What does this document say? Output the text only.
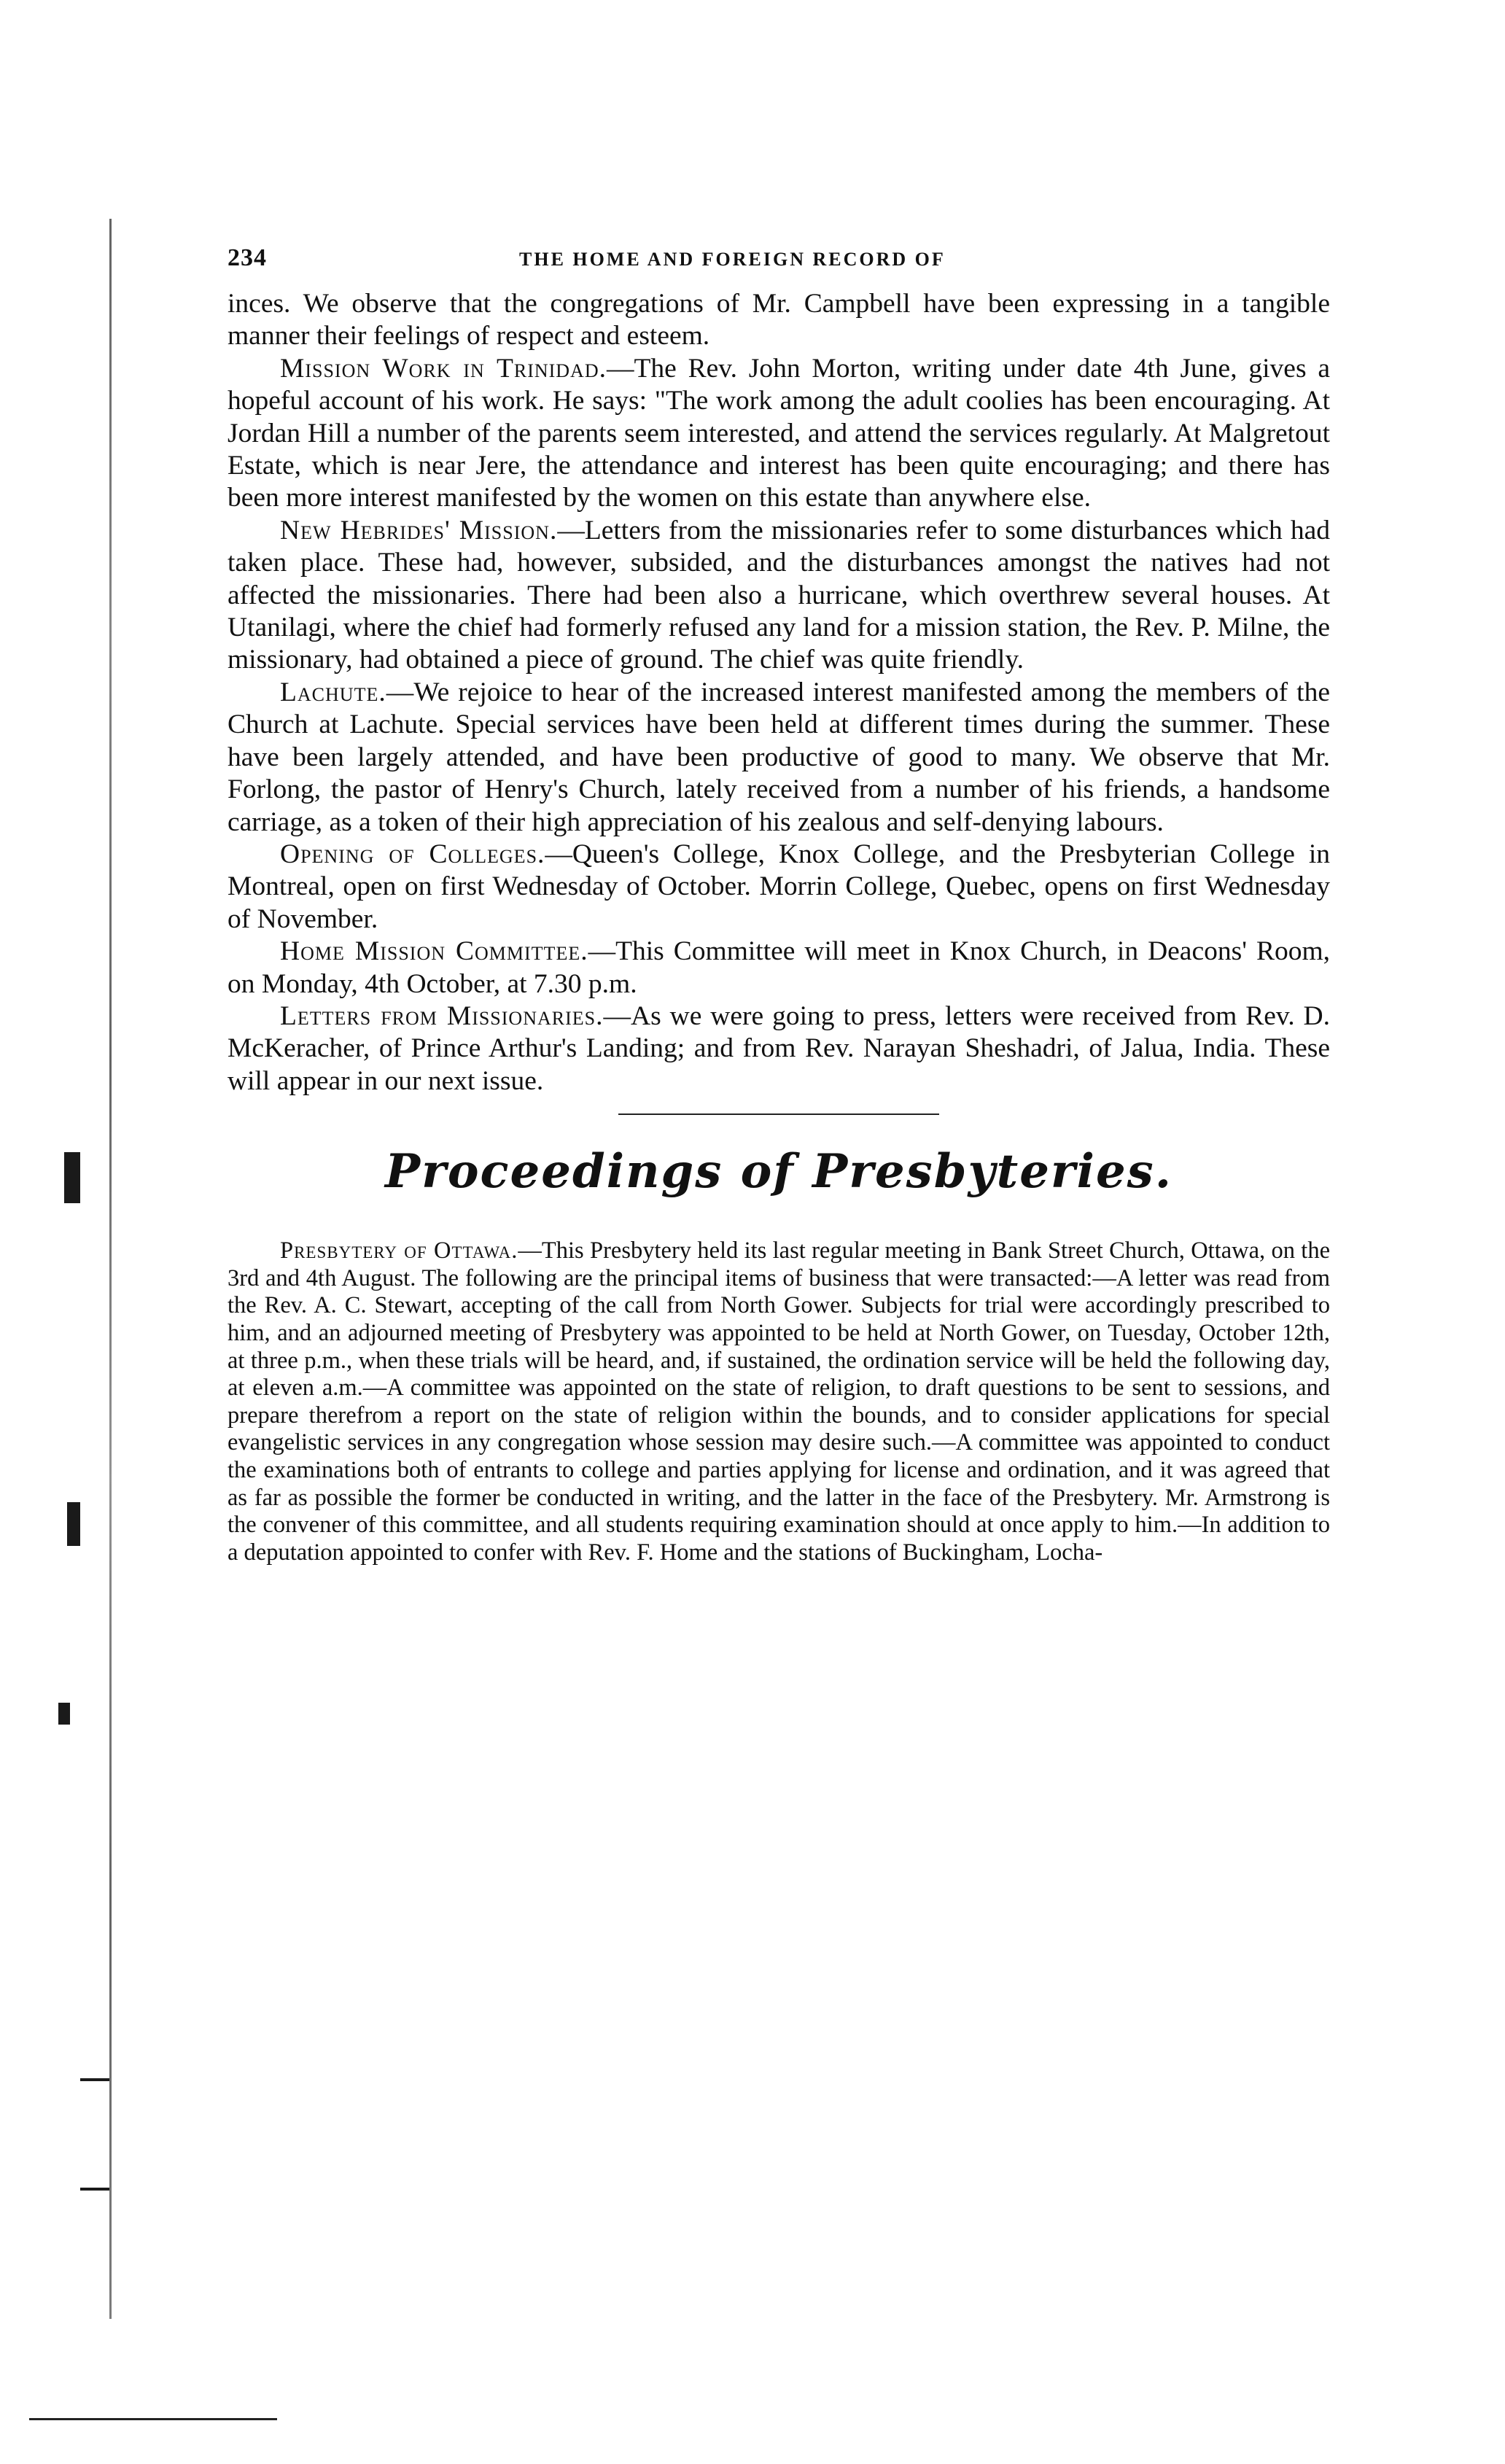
234	THE HOME AND FOREIGN RECORD OF

inces. We observe that the congregations of Mr. Campbell have been expressing in a tangible manner their feelings of respect and esteem.

Mission Work in Trinidad.—The Rev. John Morton, writing under date 4th June, gives a hopeful account of his work. He says: "The work among the adult coolies has been encouraging. At Jordan Hill a number of the parents seem interested, and attend the services regularly. At Malgretout Estate, which is near Jere, the attendance and interest has been quite encouraging; and there has been more interest manifested by the women on this estate than anywhere else.

New Hebrides' Mission.—Letters from the missionaries refer to some disturbances which had taken place. These had, however, subsided, and the disturbances amongst the natives had not affected the missionaries. There had been also a hurricane, which overthrew several houses. At Utanilagi, where the chief had formerly refused any land for a mission station, the Rev. P. Milne, the missionary, had obtained a piece of ground. The chief was quite friendly.

Lachute.—We rejoice to hear of the increased interest manifested among the members of the Church at Lachute. Special services have been held at different times during the summer. These have been largely attended, and have been productive of good to many. We observe that Mr. Forlong, the pastor of Henry's Church, lately received from a number of his friends, a handsome carriage, as a token of their high appreciation of his zealous and self-denying labours.

Opening of Colleges.—Queen's College, Knox College, and the Presbyterian College in Montreal, open on first Wednesday of October. Morrin College, Quebec, opens on first Wednesday of November.

Home Mission Committee.—This Committee will meet in Knox Church, in Deacons' Room, on Monday, 4th October, at 7.30 p.m.

Letters from Missionaries.—As we were going to press, letters were received from Rev. D. McKeracher, of Prince Arthur's Landing; and from Rev. Narayan Sheshadri, of Jalua, India. These will appear in our next issue.

Proceedings of Presbyteries.

Presbytery of Ottawa.—This Presbytery held its last regular meeting in Bank Street Church, Ottawa, on the 3rd and 4th August. The following are the principal items of business that were transacted:—A letter was read from the Rev. A. C. Stewart, accepting of the call from North Gower. Subjects for trial were accordingly prescribed to him, and an adjourned meeting of Presbytery was appointed to be held at North Gower, on Tuesday, October 12th, at three p.m., when these trials will be heard, and, if sustained, the ordination service will be held the following day, at eleven a.m.—A committee was appointed on the state of religion, to draft questions to be sent to sessions, and prepare therefrom a report on the state of religion within the bounds, and to consider applications for special evangelistic services in any congregation whose session may desire such.—A committee was appointed to conduct the examinations both of entrants to college and parties applying for license and ordination, and it was agreed that as far as possible the former be conducted in writing, and the latter in the face of the Presbytery. Mr. Armstrong is the convener of this committee, and all students requiring examination should at once apply to him.—In addition to a deputation appointed to confer with Rev. F. Home and the stations of Buckingham, Locha-
